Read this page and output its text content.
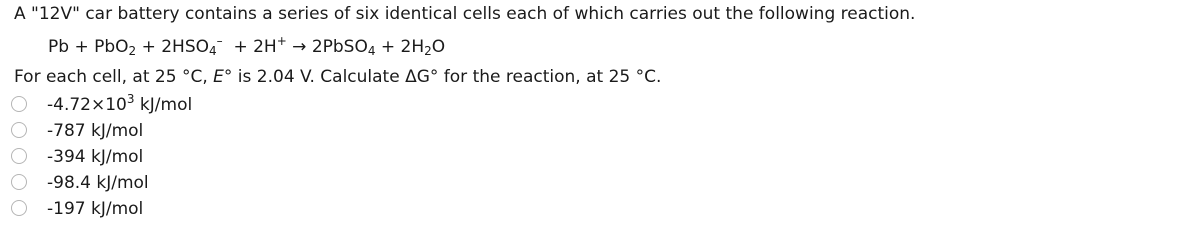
A "12V" car battery contains a series of six identical cells each of which carries out the following reaction.
$Pb + PbO_2 + 2HSO_4^- + 2H^+$ → 2PbSO$_4$ + $2H_2O$
For each cell, at 25 °C, E° is 2.04 V. Calculate ΔG° for the reaction, at 25 °C.
$-4.72\times 10^3$ kJ/mol
-787 kJ/mol
-394 kJ/mol
-98.4 kJ/mol
-197 kJ/mol
